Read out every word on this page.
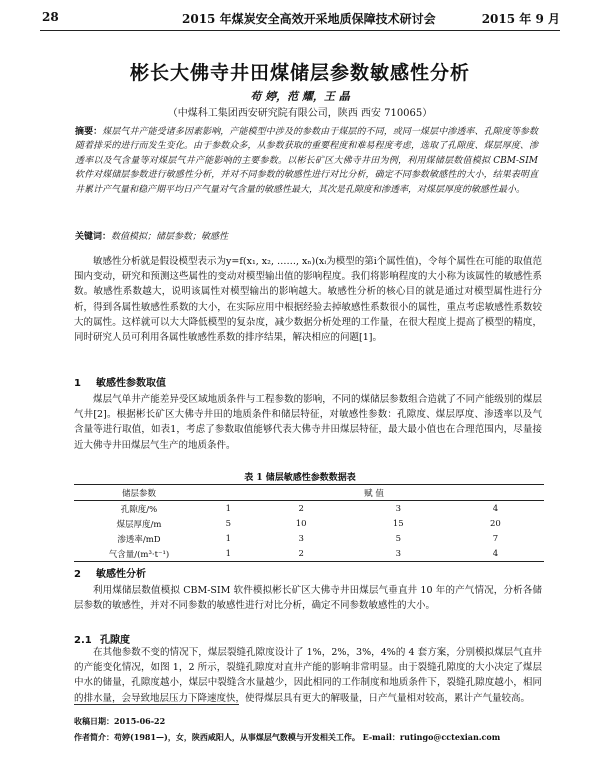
28	2015 年煤炭安全高效开采地质保障技术研讨会	2015 年 9 月
彬长大佛寺井田煤储层参数敏感性分析
苟 婷，范 耀，王 晶
（中煤科工集团西安研究院有限公司，陕西 西安 710065）
摘要：煤层气井产能受诸多因素影响，产能模型中涉及的参数由于煤层的不同，或同一煤层中渗透率、孔隙度等参数随着排采的进行而发生变化。由于参数众多，从参数获取的重要程度和难易程度考虑，选取了孔隙度、煤层厚度、渗透率以及气含量等对煤层气井产能影响的主要参数。以彬长矿区大佛寺井田为例，利用煤储层数值模拟 CBM-SIM 软件对煤储层参数进行敏感性分析，并对不同参数的敏感性进行对比分析，确定不同参数敏感性的大小，结果表明直井累计产气量和稳产期平均日产气量对气含量的敏感性最大，其次是孔隙度和渗透率，对煤层厚度的敏感性最小。
关键词：数值模拟；储层参数；敏感性

敏感性分析就是假设模型表示为y=f(x₁, x₂, ……, xₙ)(xᵢ为模型的第i个属性值)，令每个属性在可能的取值范围内变动，研究和预测这些属性的变动对模型输出值的影响程度。我们将影响程度的大小称为该属性的敏感性系数。敏感性系数越大，说明该属性对模型输出的影响越大。敏感性分析的核心目的就是通过对模型属性进行分析，得到各属性敏感性系数的大小，在实际应用中根据经验去掉敏感性系数很小的属性，重点考虑敏感性系数较大的属性。这样就可以大大降低模型的复杂度，减少数据分析处理的工作量，在很大程度上提高了模型的精度，同时研究人员可利用各属性敏感性系数的排序结果，解决相应的问题[1]。

1 敏感性参数取值

煤层气单井产能差异受区域地质条件与工程参数的影响，不同的煤储层参数组合造就了不同产能级别的煤层气井[2]。根据彬长矿区大佛寺井田的地质条件和储层特征，对敏感性参数：孔隙度、煤层厚度、渗透率以及气含量等进行取值，如表1，考虑了参数取值能够代表大佛寺井田煤层特征，最大最小值也在合理范围内，尽量接近大佛寺井田煤层气生产的地质条件。

表 1 储层敏感性参数数据表
储层参数	赋 值			
孔隙度/%	1	2	3	4
煤层厚度/m	5	10	15	20
渗透率/mD	1	3	5	7
气含量/(m³·t⁻¹)	1	2	3	4
2 敏感性分析

利用煤储层数值模拟 CBM-SIM 软件模拟彬长矿区大佛寺井田煤层气垂直井 10 年的产气情况，分析各储层参数的敏感性，并对不同参数的敏感性进行对比分析，确定不同参数敏感性的大小。

2.1 孔隙度

在其他参数不变的情况下，煤层裂缝孔隙度设计了 1%，2%，3%，4%的 4 套方案，分别模拟煤层气直井的产能变化情况，如图 1，2 所示，裂缝孔隙度对直井产能的影响非常明显。由于裂缝孔隙度的大小决定了煤层中水的储量，孔隙度越小，煤层中裂缝含水量越少，因此相同的工作制度和地质条件下，裂缝孔隙度越小，相同的排水量，会导致地层压力下降速度快，使得煤层具有更大的解吸量，日产气量相对较高，累计产气量较高。

收稿日期：2015-06-22
作者简介：苟婷(1981—)，女，陕西咸阳人，从事煤层气数模与开发相关工作。 E-mail：rutingo@cctexian.com
